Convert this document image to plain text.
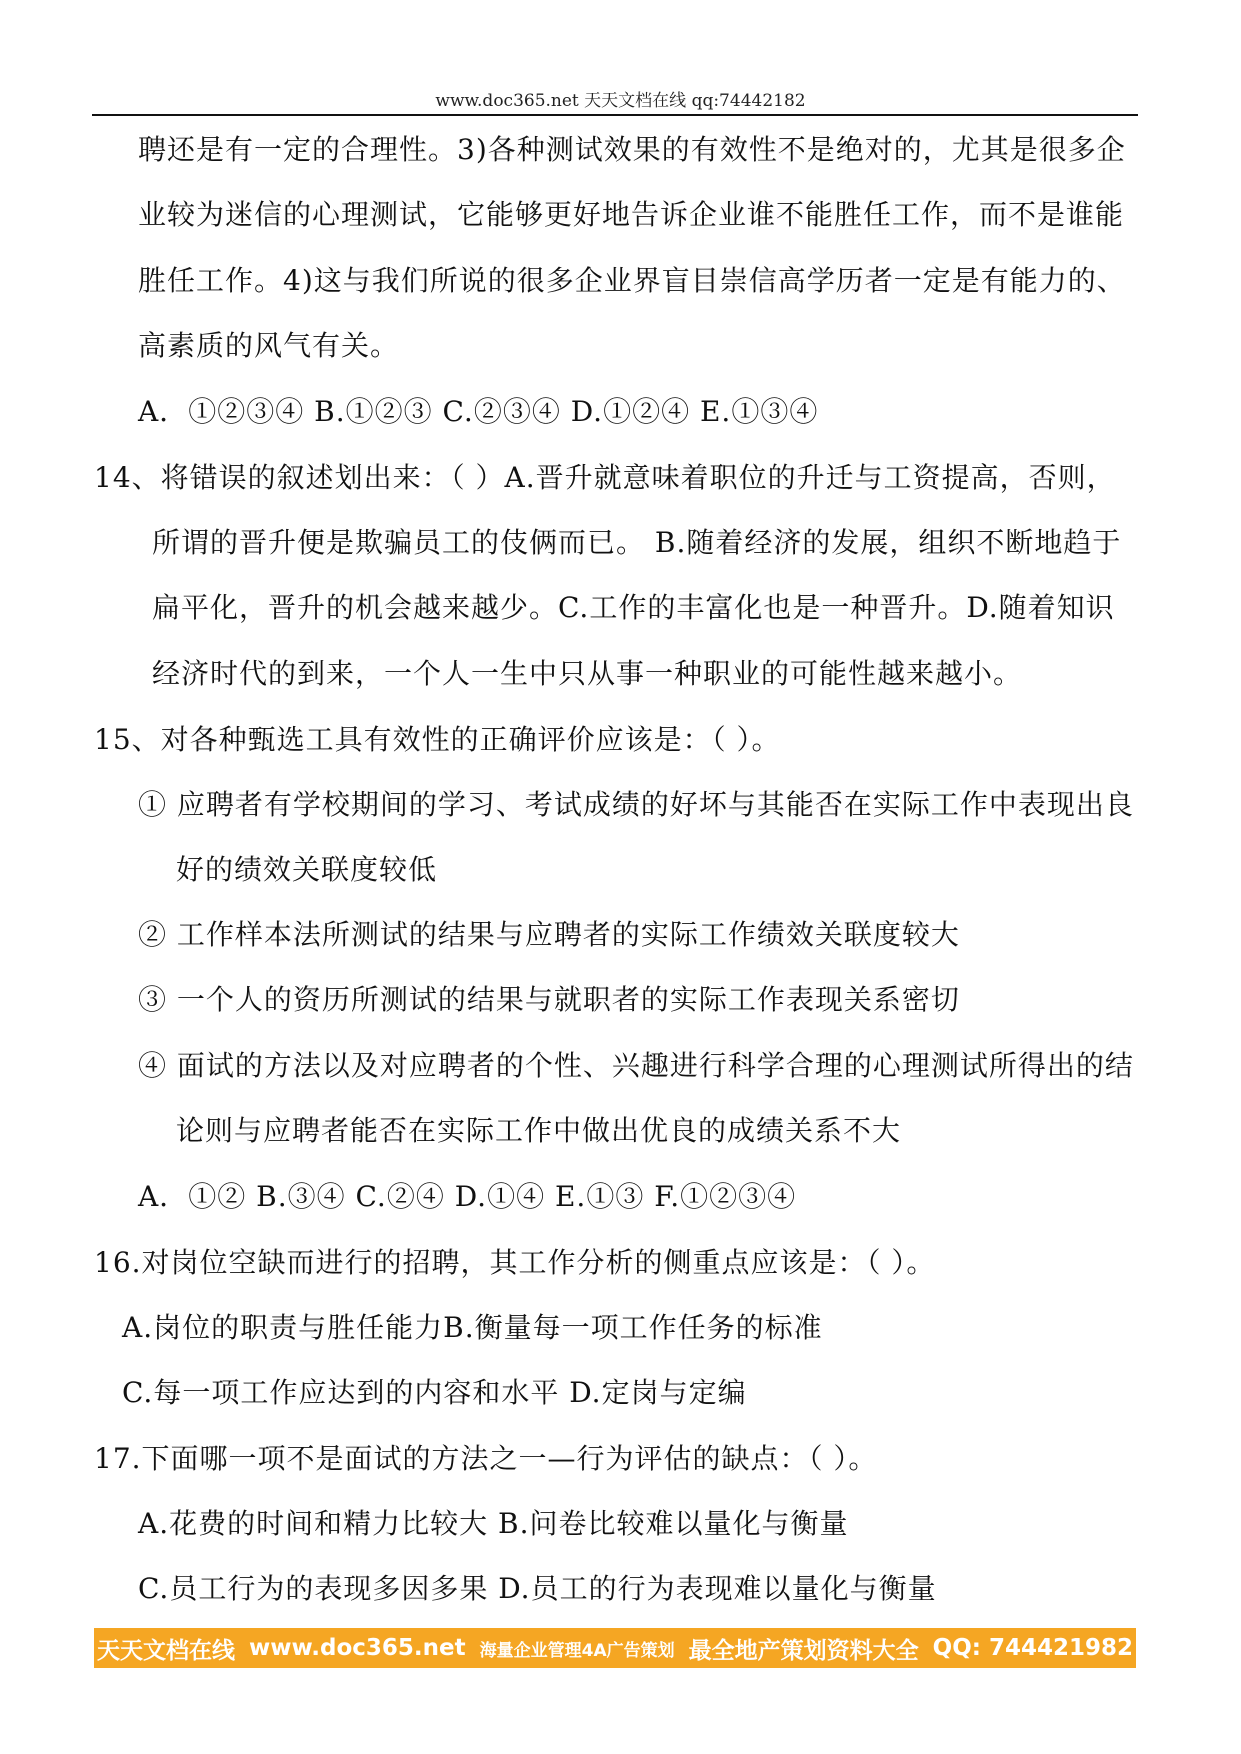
www.doc365.net 天天文档在线 qq:74442182
聘还是有一定的合理性。3)各种测试效果的有效性不是绝对的，尤其是很多企
业较为迷信的心理测试，它能够更好地告诉企业谁不能胜任工作，而不是谁能
胜任工作。4)这与我们所说的很多企业界盲目崇信高学历者一定是有能力的、
高素质的风气有关。
A．①②③④ B.①②③ C.②③④ D.①②④ E.①③④
14、将错误的叙述划出来：（ ）A.晋升就意味着职位的升迁与工资提高，否则，
所谓的晋升便是欺骗员工的伎俩而已。 B.随着经济的发展，组织不断地趋于
扁平化，晋升的机会越来越少。C.工作的丰富化也是一种晋升。D.随着知识
经济时代的到来，一个人一生中只从事一种职业的可能性越来越小。
15、对各种甄选工具有效性的正确评价应该是：（ ）。
① 应聘者有学校期间的学习、考试成绩的好坏与其能否在实际工作中表现出良
好的绩效关联度较低
② 工作样本法所测试的结果与应聘者的实际工作绩效关联度较大
③ 一个人的资历所测试的结果与就职者的实际工作表现关系密切
④ 面试的方法以及对应聘者的个性、兴趣进行科学合理的心理测试所得出的结
论则与应聘者能否在实际工作中做出优良的成绩关系不大
A．①② B.③④ C.②④ D.①④ E.①③ F.①②③④
16.对岗位空缺而进行的招聘，其工作分析的侧重点应该是：（ ）。
A.岗位的职责与胜任能力B.衡量每一项工作任务的标准
C.每一项工作应达到的内容和水平 D.定岗与定编
17.下面哪一项不是面试的方法之一—行为评估的缺点：（ ）。
A.花费的时间和精力比较大 B.问卷比较难以量化与衡量
C.员工行为的表现多因多果 D.员工的行为表现难以量化与衡量
天天文档在线 www.doc365.net 海量企业管理4A广告策划 最全地产策划资料大全 QQ: 744421982
